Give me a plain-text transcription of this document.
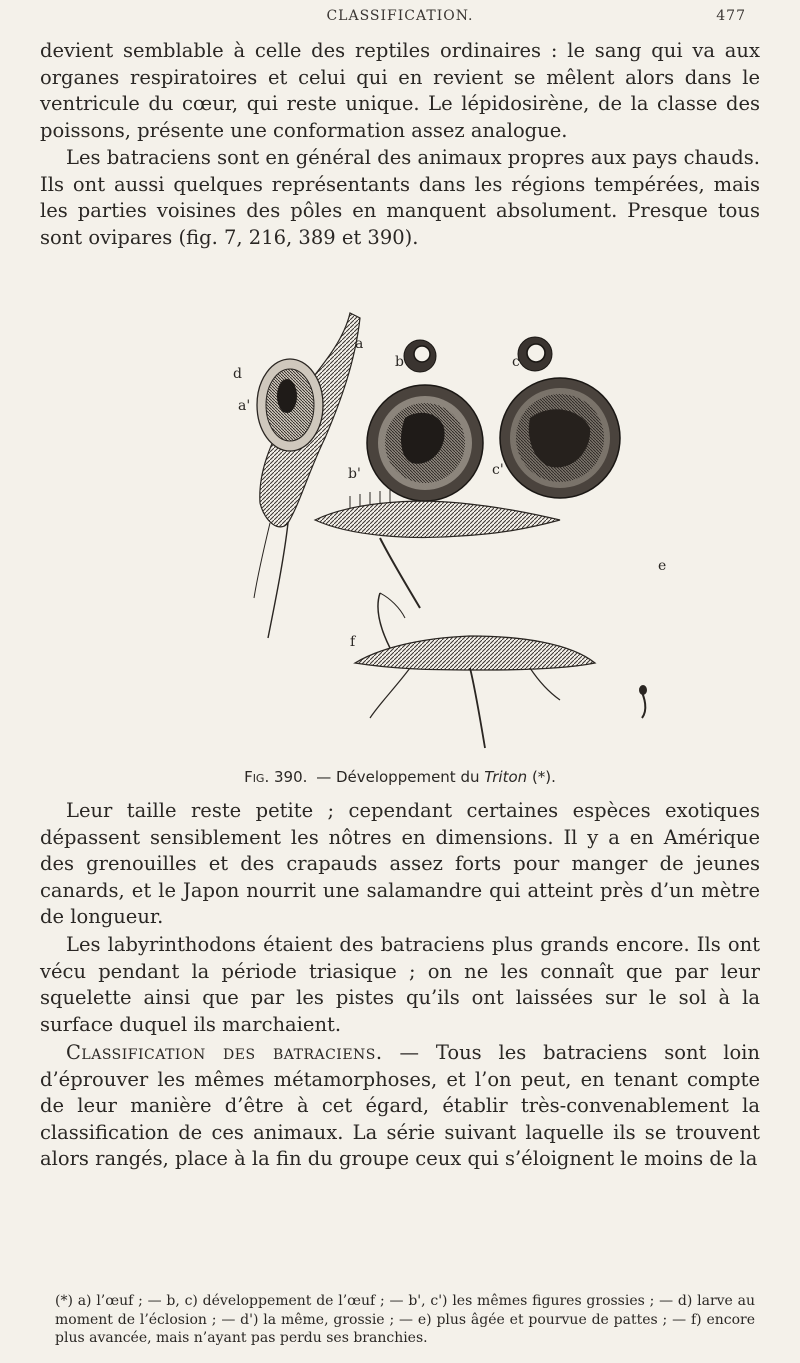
CLASSIFICATION.	477

devient semblable à celle des reptiles ordinaires : le sang qui va aux organes respiratoires et celui qui en revient se mêlent alors dans le ventricule du cœur, qui reste unique. Le lépidosirène, de la classe des poissons, présente une conformation assez analogue.

Les batraciens sont en général des animaux propres aux pays chauds. Ils ont aussi quelques représentants dans les régions tempérées, mais les parties voisines des pôles en manquent absolument. Presque tous sont ovipares (fig. 7, 216, 389 et 390).

a
b	c
d
a'
b'	c'
e
f
Fig. 390. — Développement du Triton (*).

Leur taille reste petite ; cependant certaines espèces exotiques dépassent sensiblement les nôtres en dimensions. Il y a en Amérique des grenouilles et des crapauds assez forts pour manger de jeunes canards, et le Japon nourrit une salamandre qui atteint près d’un mètre de longueur.

Les labyrinthodons étaient des batraciens plus grands encore. Ils ont vécu pendant la période triasique ; on ne les connaît que par leur squelette ainsi que par les pistes qu’ils ont laissées sur le sol à la surface duquel ils marchaient.

Classification des batraciens. — Tous les batraciens sont loin d’éprouver les mêmes métamorphoses, et l’on peut, en tenant compte de leur manière d’être à cet égard, établir très-convenablement la classification de ces animaux. La série suivant laquelle ils se trouvent alors rangés, place à la fin du groupe ceux qui s’éloignent le moins de la

(*) a) l’œuf ; — b, c) développement de l’œuf ; — b', c') les mêmes figures grossies ; — d) larve au moment de l’éclosion ; — d') la même, grossie ; — e) plus âgée et pourvue de pattes ; — f) encore plus avancée, mais n’ayant pas perdu ses branchies.
